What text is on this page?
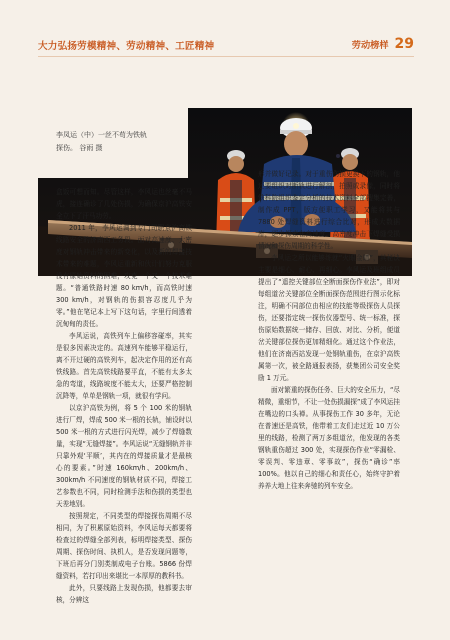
大力弘扬劳模精神、劳动精神、工匠精神	劳动榜样 29
李凤运（中）一丝不苟为铁轨
探伤。 谷雨 摄

盒饭可想而知。尽管这样，李风运也丝毫不马虎，接连确诊了几处伤损，为确保京沪高铁安全立下了汗马功劳。

2011 年，李风运调到专门司职京沪高铁线路安全的济南西工务段。面对高速度、大密度对钢轨冲击带来的新变化，以及新的焊接技术带来的难题，李风运重新和伙计们努力克服没有原始资料的困难，攻克一个又一个技术难题。“普通铁路时速 80 km/h，而高铁时速 300 km/h，对钢轨的伤损容忍度几乎为零。”他在笔记本上写下这句话，字里行间透着沉甸甸的责任。

李风运说，高铁列车上偏移容碰率，其实是很多因素决定的。高速列车能够平稳运行，离不开过硬的高铁列车，起决定作用的还有高铁线路。首先高铁线路要平直，不能有太多太急的弯道，线路坡度不能太大，还要严格控制沉降等，单单是钢轨一项，就很有学问。

以京沪高铁为例，将 5 个 100 米的钢轨进行厂焊，焊成 500 米一根的长轨，铺设时以 500 米一根的方式进行闪光焊，减少了焊缝数量，实现“无缝焊接”。李风运说“无缝钢轨并非只靠外观‘平顺’，其内在的焊接质量才是最核心的要素。”时速 160km/h、200km/h、300km/h 不同速度的钢轨材质不同，焊接工艺参数也不同，同时检测手法和伤损的类型也天差地别。

按照规定，不同类型的焊接探伤周期不尽相同，为了积累原始资料，李风运每天都要将检查过的焊缝全部列表，标明焊接类型、探伤周期、探伤时间、执机人，是否发现问题等，下班后再分门别类制成电子台账。5866 份焊缝资料，若打印出来堪比一本厚厚的教科书。

此外，只要线路上发现伤损，他都要去审核，分辨这

形并做好记录。对于重伤伤损更换下的钢轨，他还要组织对断轨进行解剖，拍照或录像，同时将铁科院组织鉴定分析的技术资料全部搜集完善，制作成 PPT，版方便职工学习，又能将其与 7880 处焊缝资料进行综合比对，形成大数据库，逐步探索在高速度、高密度冲击下焊缝受损情况和探伤周期的科学性。

李风运之所以能够练就“火眼金睛”，其秘诀主要是细心、耐心、再细心。李风运及班组成员提出了“遥控关键部位全断面探伤作业法”，即对每组道岔关键部位全断面探伤范围进行图示化标注，明确不同部位由相应的技能等级探伤人员探伤，还要指定统一探伤仪器型号、统一标准，探伤原始数据统一储存、回放、对比、分析，便道岔关键部位探伤更加精细化。通过这个作业法，他们在济南西站发现一处钢轨重伤，在京沪高铁属第一次，被全路通报表扬，获集团公司安全奖励 1 万元。

面对繁重的探伤任务、巨大的安全压力，“尽精微，重细节，不让一处伤损漏探”成了李风运挂在嘴边的口头禅。从事探伤工作 30 多年，无论在普速还是高铁，他带着工友们走过近 10 万公里的线路，检测了两万多组道岔，他发现的各类钢轨重伤超过 300 处，实现探伤作业“零漏检、零误判、零违章、零事故”，探伤“确诊”率 100%。他以自己的细心和责任心，始终守护着养养大地上往来奔驰的列车安全。
